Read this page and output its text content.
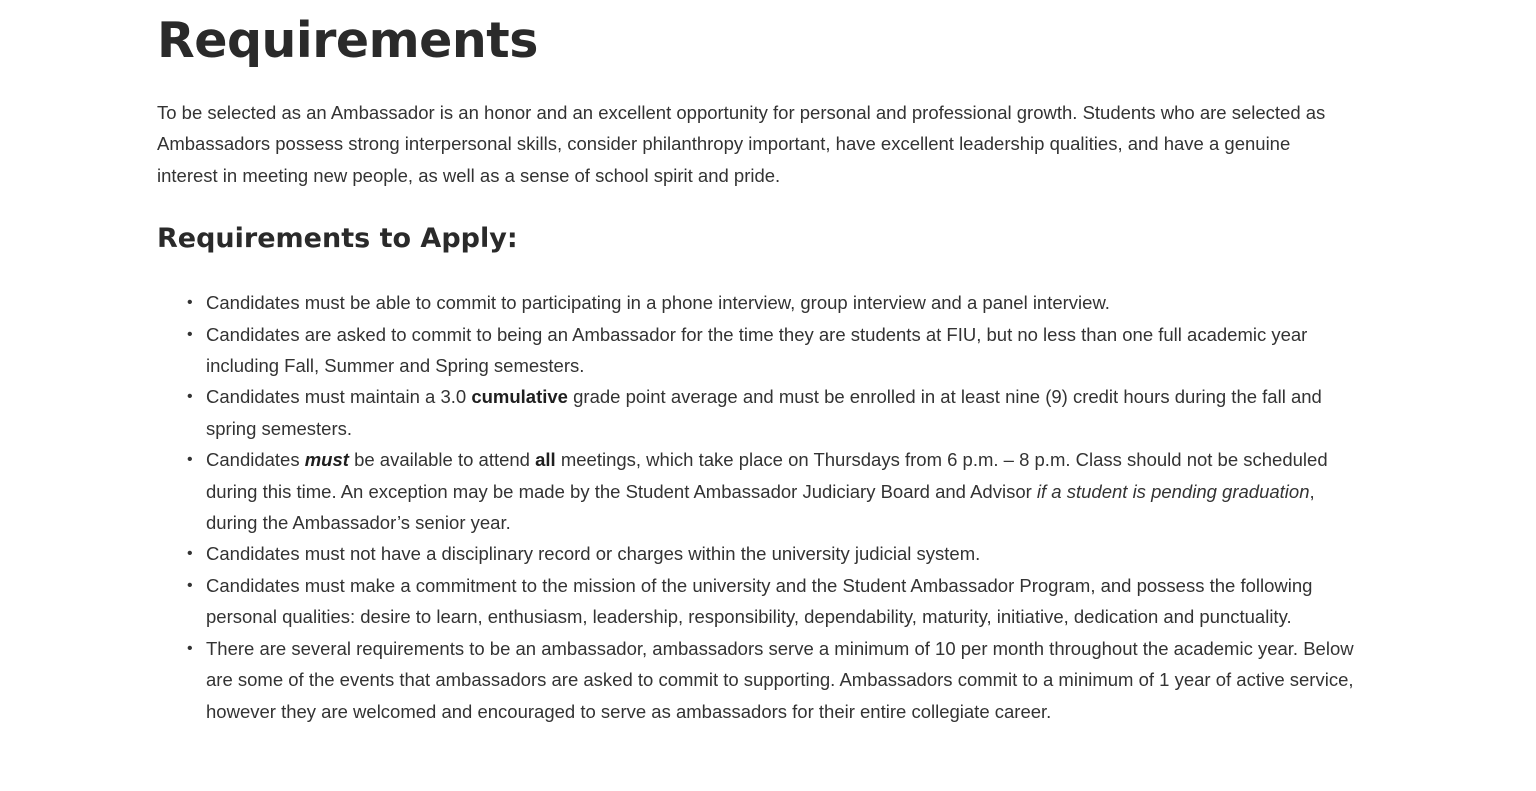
Requirements

To be selected as an Ambassador is an honor and an excellent opportunity for personal and professional growth. Students who are selected as Ambassadors possess strong interpersonal skills, consider philanthropy important, have excellent leadership qualities, and have a genuine interest in meeting new people, as well as a sense of school spirit and pride.

Requirements to Apply:
• Candidates must be able to commit to participating in a phone interview, group interview and a panel interview.
• Candidates are asked to commit to being an Ambassador for the time they are students at FIU, but no less than one full academic year including Fall, Summer and Spring semesters.
• Candidates must maintain a 3.0 cumulative grade point average and must be enrolled in at least nine (9) credit hours during the fall and spring semesters.
• Candidates must be available to attend all meetings, which take place on Thursdays from 6 p.m. – 8 p.m. Class should not be scheduled during this time. An exception may be made by the Student Ambassador Judiciary Board and Advisor if a student is pending graduation, during the Ambassador’s senior year.
• Candidates must not have a disciplinary record or charges within the university judicial system.
• Candidates must make a commitment to the mission of the university and the Student Ambassador Program, and possess the following personal qualities: desire to learn, enthusiasm, leadership, responsibility, dependability, maturity, initiative, dedication and punctuality.
• There are several requirements to be an ambassador, ambassadors serve a minimum of 10 per month throughout the academic year. Below are some of the events that ambassadors are asked to commit to supporting. Ambassadors commit to a minimum of 1 year of active service, however they are welcomed and encouraged to serve as ambassadors for their entire collegiate career.
